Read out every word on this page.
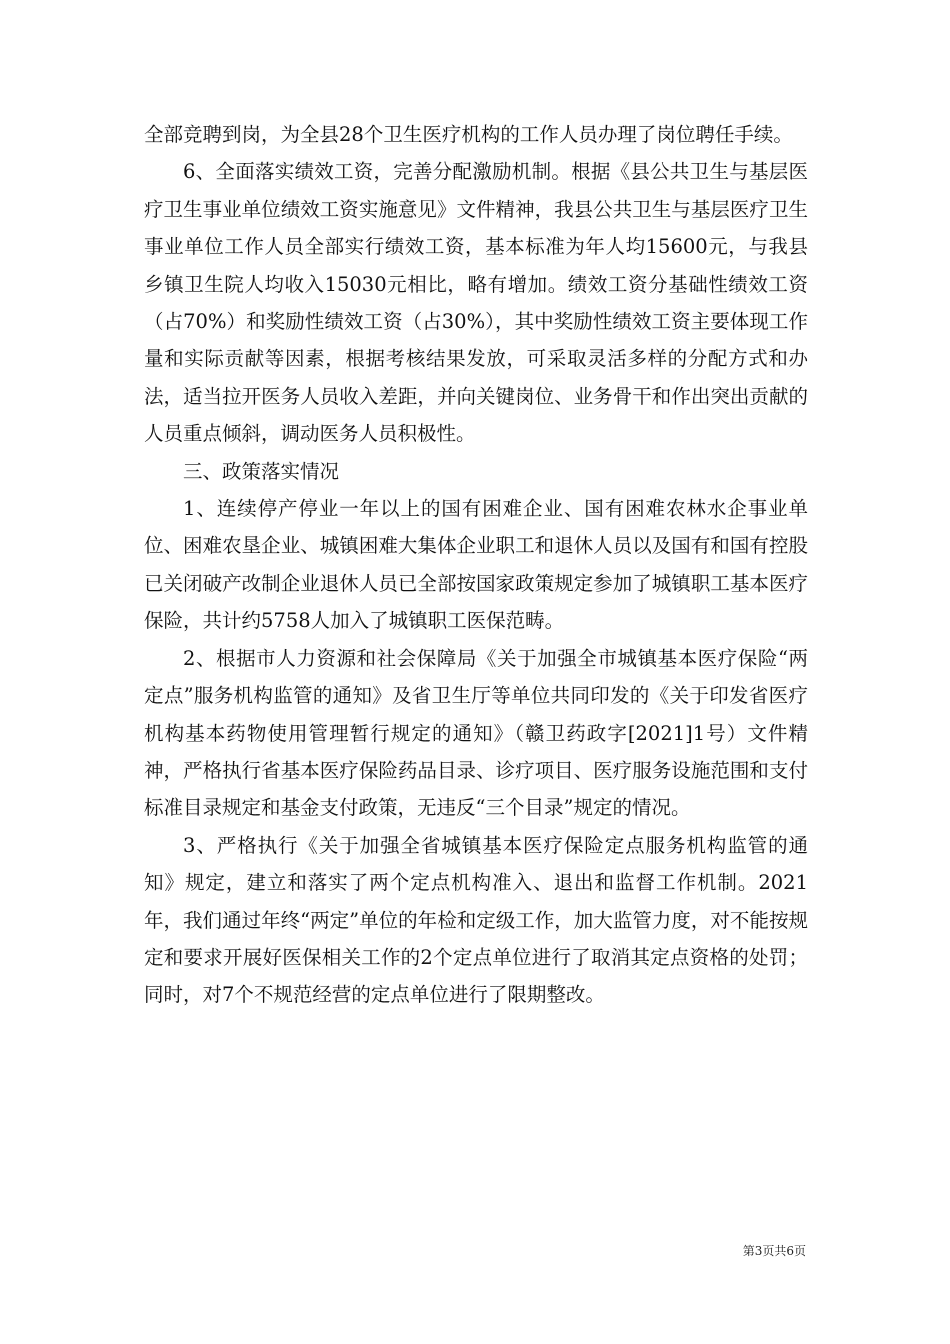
全部竞聘到岗，为全县28个卫生医疗机构的工作人员办理了岗位聘任手续。

6、全面落实绩效工资，完善分配激励机制。根据《县公共卫生与基层医疗卫生事业单位绩效工资实施意见》文件精神，我县公共卫生与基层医疗卫生事业单位工作人员全部实行绩效工资，基本标准为年人均15600元，与我县乡镇卫生院人均收入15030元相比，略有增加。绩效工资分基础性绩效工资（占70%）和奖励性绩效工资（占30%），其中奖励性绩效工资主要体现工作量和实际贡献等因素，根据考核结果发放，可采取灵活多样的分配方式和办法，适当拉开医务人员收入差距，并向关键岗位、业务骨干和作出突出贡献的人员重点倾斜，调动医务人员积极性。

三、政策落实情况

1、连续停产停业一年以上的国有困难企业、国有困难农林水企事业单位、困难农垦企业、城镇困难大集体企业职工和退休人员以及国有和国有控股已关闭破产改制企业退休人员已全部按国家政策规定参加了城镇职工基本医疗保险，共计约5758人加入了城镇职工医保范畴。

2、根据市人力资源和社会保障局《关于加强全市城镇基本医疗保险“两定点”服务机构监管的通知》及省卫生厅等单位共同印发的《关于印发省医疗机构基本药物使用管理暂行规定的通知》（赣卫药政字[2021]1号）文件精神，严格执行省基本医疗保险药品目录、诊疗项目、医疗服务设施范围和支付标准目录规定和基金支付政策，无违反“三个目录”规定的情况。

3、严格执行《关于加强全省城镇基本医疗保险定点服务机构监管的通知》规定，建立和落实了两个定点机构准入、退出和监督工作机制。2021年，我们通过年终“两定”单位的年检和定级工作，加大监管力度，对不能按规定和要求开展好医保相关工作的2个定点单位进行了取消其定点资格的处罚；同时，对7个不规范经营的定点单位进行了限期整改。

第3页共6页
